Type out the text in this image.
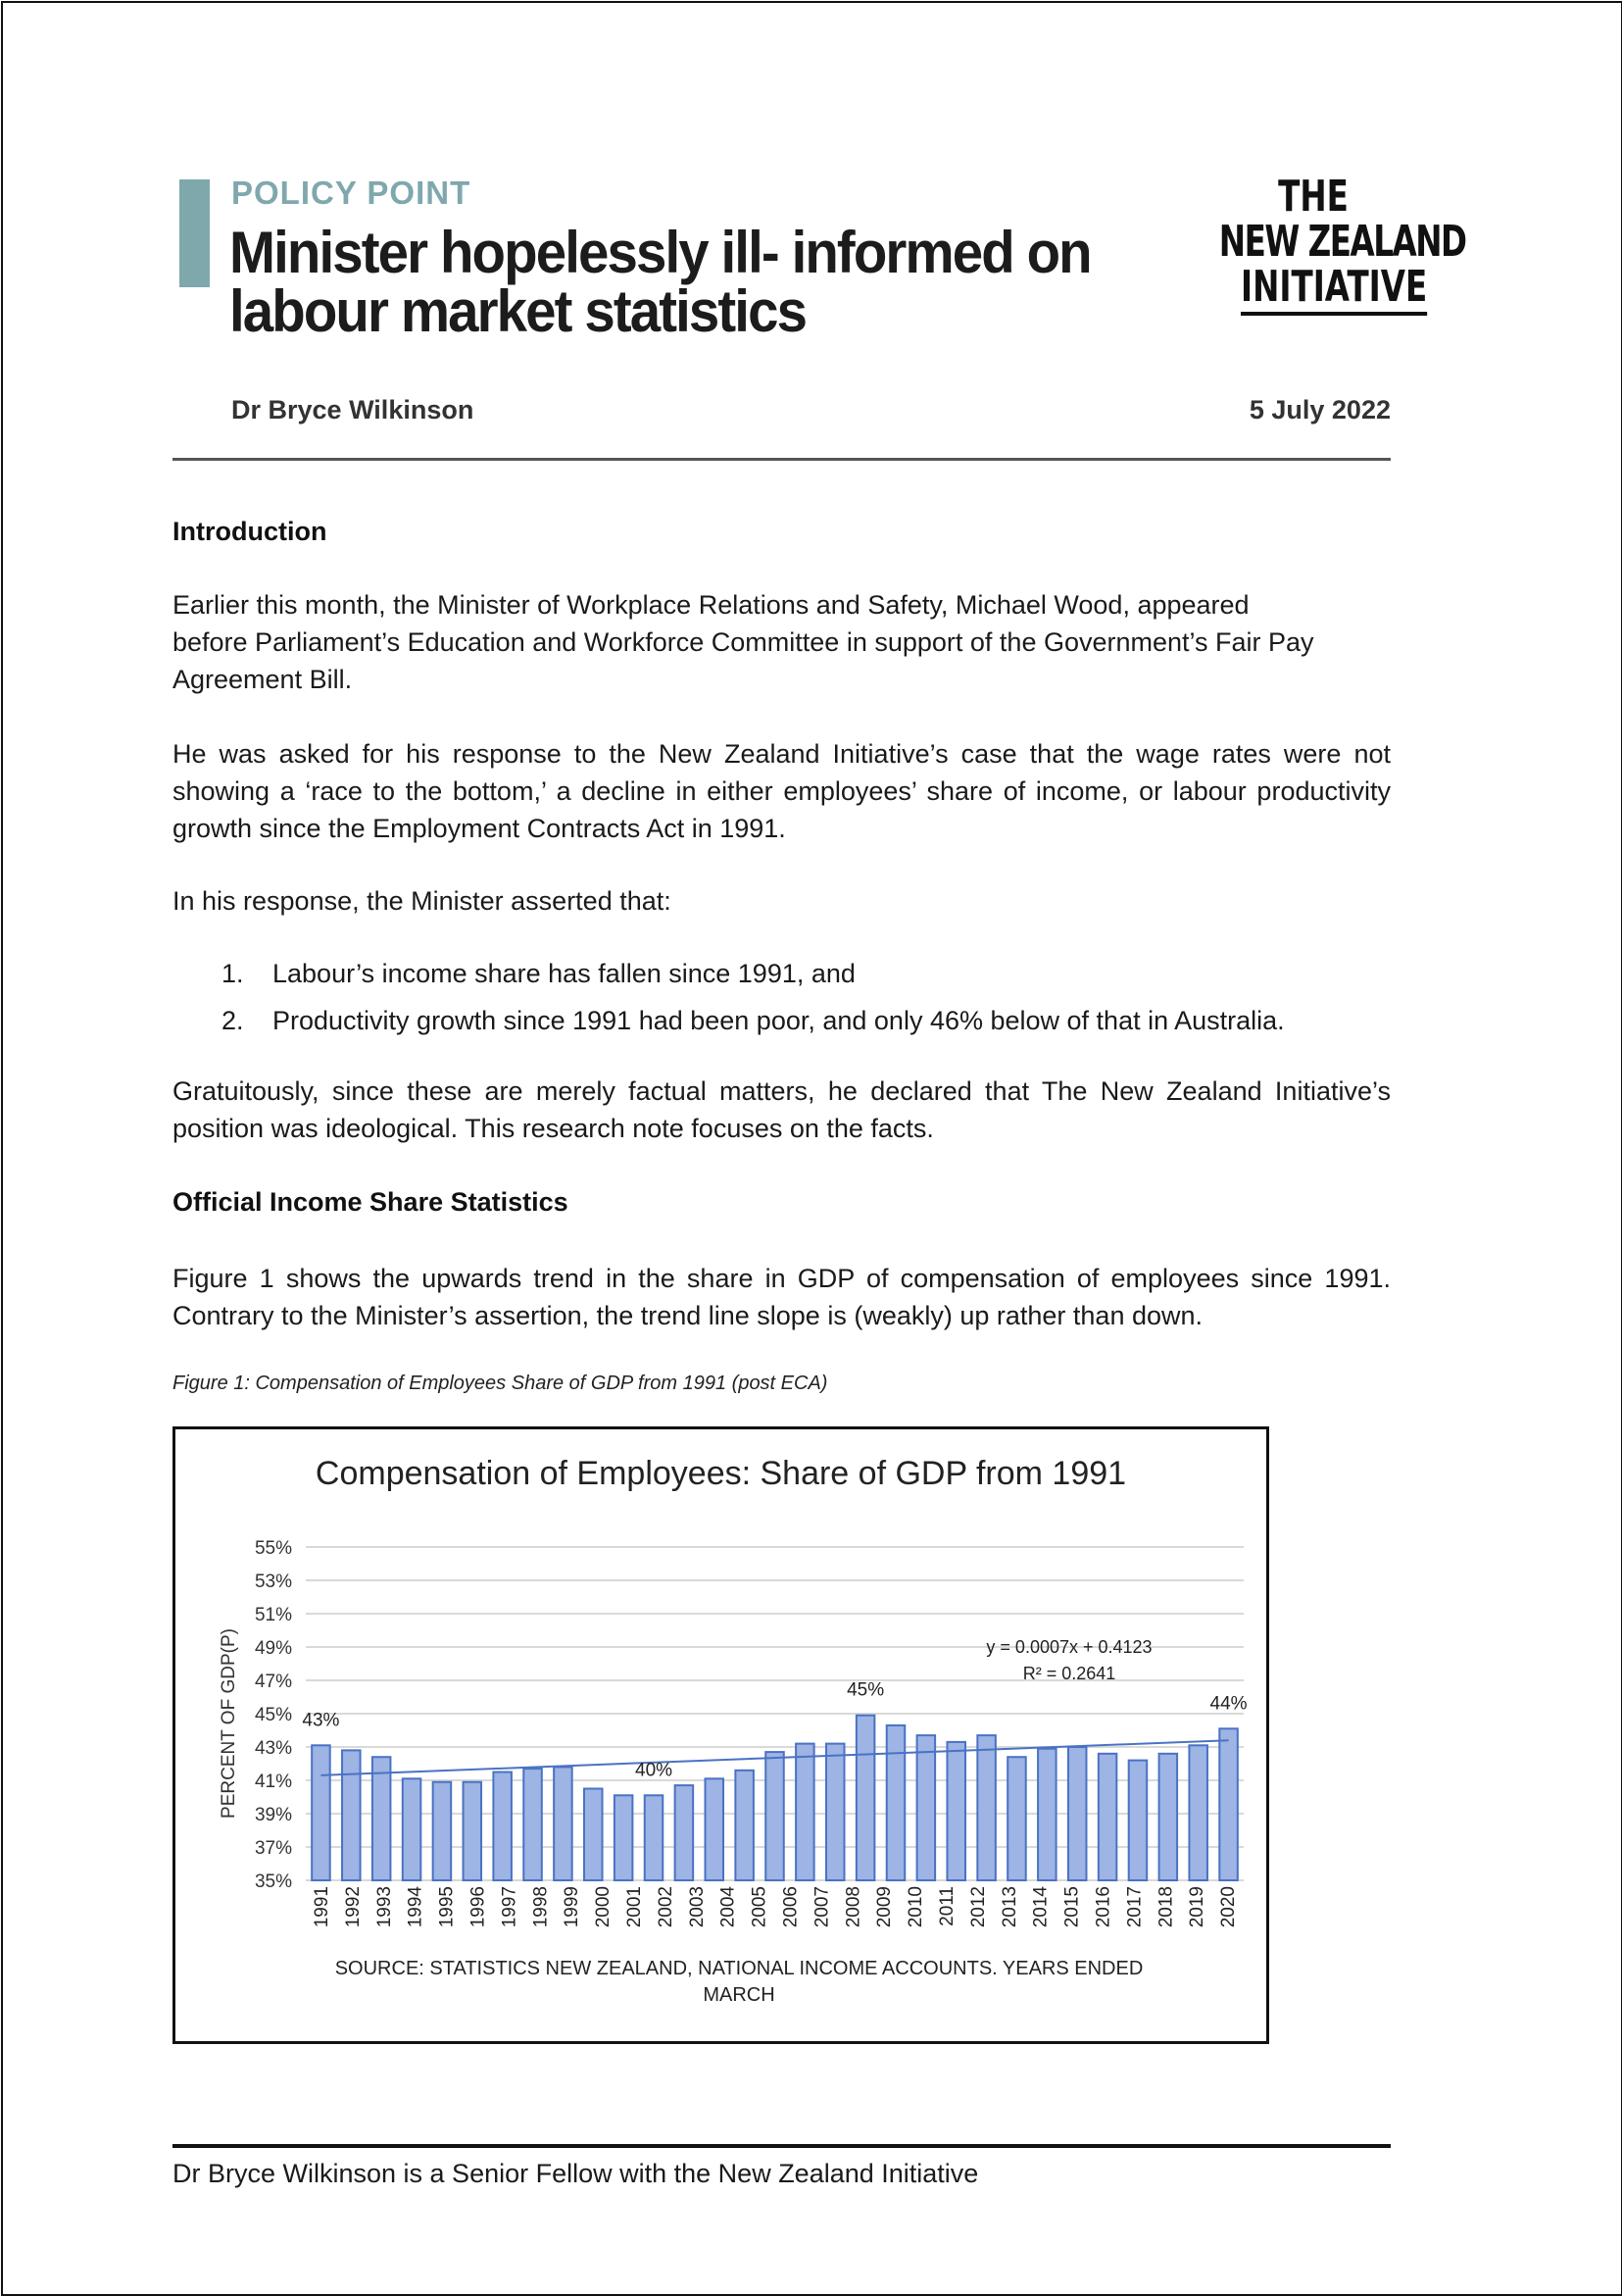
POLICY POINT
Minister hopelessly ill- informed on labour market statistics
THE
NEW ZEALAND
INITIATIVE
Dr Bryce Wilkinson	5 July 2022
Introduction
Earlier this month, the Minister of Workplace Relations and Safety, Michael Wood, appeared
before Parliament’s Education and Workforce Committee in support of the Government’s Fair Pay
Agreement Bill.
He was asked for his response to the New Zealand Initiative’s case that the wage rates were not showing a ‘race to the bottom,’ a decline in either employees’ share of income, or labour productivity growth since the Employment Contracts Act in 1991.
In his response, the Minister asserted that:
1. Labour’s income share has fallen since 1991, and
2. Productivity growth since 1991 had been poor, and only 46% below of that in Australia.
Gratuitously, since these are merely factual matters, he declared that The New Zealand Initiative’s position was ideological. This research note focuses on the facts.
Official Income Share Statistics
Figure 1 shows the upwards trend in the share in GDP of compensation of employees since 1991. Contrary to the Minister’s assertion, the trend line slope is (weakly) up rather than down.
Figure 1: Compensation of Employees Share of GDP from 1991 (post ECA)
Compensation of Employees: Share of GDP from 1991
35%
37%
39%
41%
43%
45%
47%
49%
51%
53%
55%
PERCENT OF GDP(P)
1991 1992 1993 1994 1995 1996 1997 1998 1999 2000 2001 2002 2003 2004 2005 2006 2007 2008 2009 2010 2011 2012 2013 2014 2015 2016 2017 2018 2019 2020
43%
40%
45%
44%
y = 0.0007x + 0.4123
R² = 0.2641
SOURCE: STATISTICS NEW ZEALAND, NATIONAL INCOME ACCOUNTS. YEARS ENDED
MARCH
Dr Bryce Wilkinson is a Senior Fellow with the New Zealand Initiative
